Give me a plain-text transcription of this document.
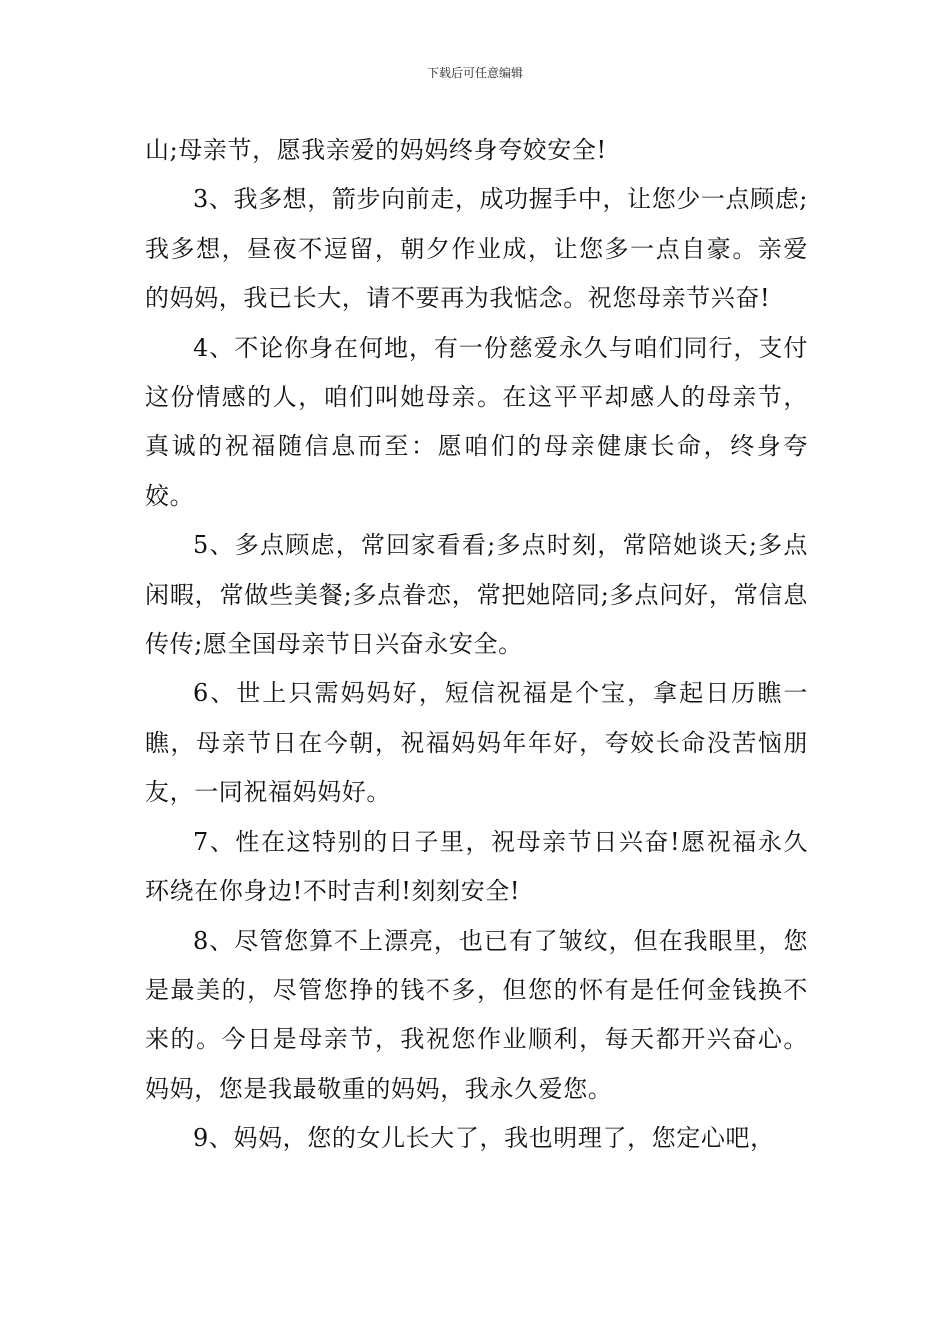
下载后可任意编辑

山;母亲节，愿我亲爱的妈妈终身夸姣安全!

3、我多想，箭步向前走，成功握手中，让您少一点顾虑;我多想，昼夜不逗留，朝夕作业成，让您多一点自豪。亲爱的妈妈，我已长大，请不要再为我惦念。祝您母亲节兴奋!

4、不论你身在何地，有一份慈爱永久与咱们同行，支付这份情感的人，咱们叫她母亲。在这平平却感人的母亲节，真诚的祝福随信息而至：愿咱们的母亲健康长命，终身夸姣。

5、多点顾虑，常回家看看;多点时刻，常陪她谈天;多点闲暇，常做些美餐;多点眷恋，常把她陪同;多点问好，常信息传传;愿全国母亲节日兴奋永安全。

6、世上只需妈妈好，短信祝福是个宝，拿起日历瞧一瞧，母亲节日在今朝，祝福妈妈年年好，夸姣长命没苦恼朋友，一同祝福妈妈好。

7、性在这特别的日子里，祝母亲节日兴奋!愿祝福永久环绕在你身边!不时吉利!刻刻安全!

8、尽管您算不上漂亮，也已有了皱纹，但在我眼里，您是最美的，尽管您挣的钱不多，但您的怀有是任何金钱换不来的。今日是母亲节，我祝您作业顺利，每天都开兴奋心。妈妈，您是我最敬重的妈妈，我永久爱您。

9、妈妈，您的女儿长大了，我也明理了，您定心吧，
